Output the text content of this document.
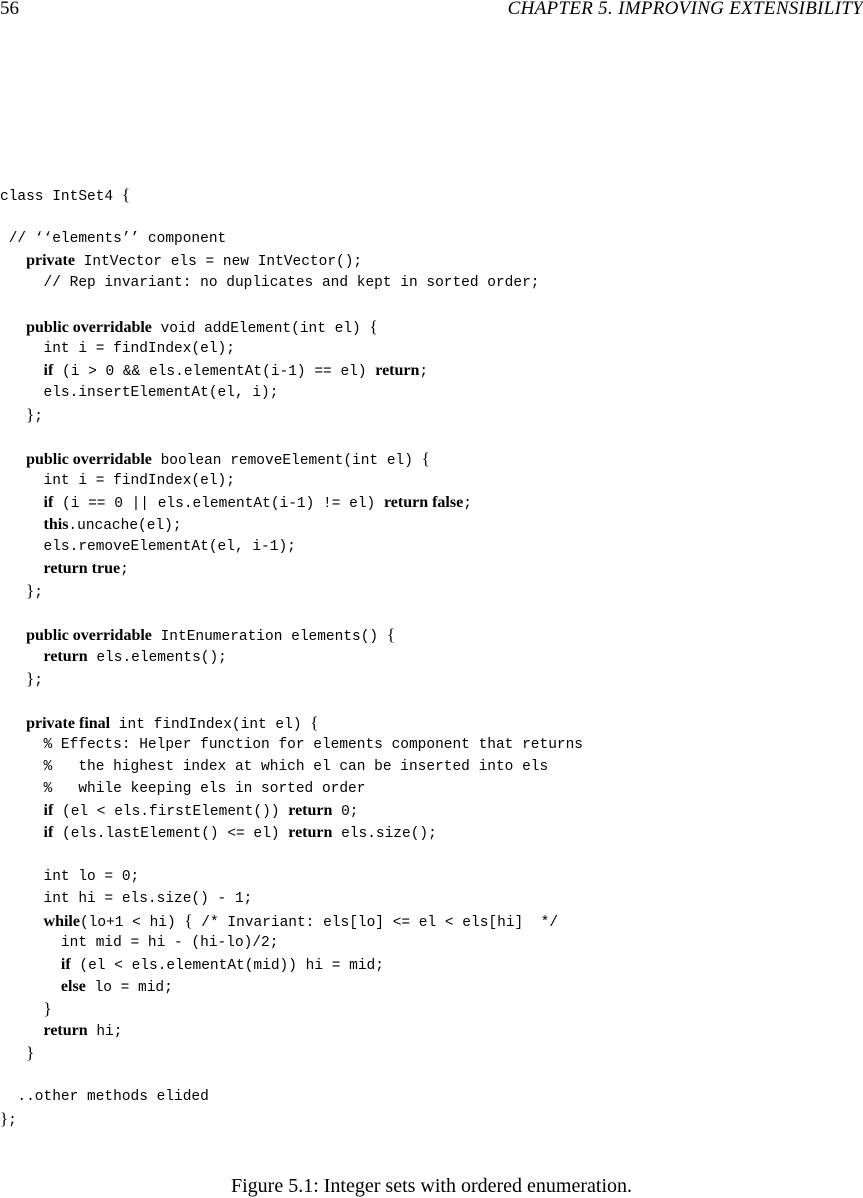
56	CHAPTER 5. IMPROVING EXTENSIBILITY
class IntSet4 {
// ‘‘elements’’ component
private IntVector els = new IntVector();
// Rep invariant: no duplicates and kept in sorted order;
public overridable void addElement(int el) {
int i = findIndex(el);
if (i > 0 && els.elementAt(i-1) == el) return;
els.insertElementAt(el, i);
};
public overridable boolean removeElement(int el) {
int i = findIndex(el);
if (i == 0 || els.elementAt(i-1) != el) return false;
this.uncache(el);
els.removeElementAt(el, i-1);
return true;
};
public overridable IntEnumeration elements() {
return els.elements();
};
private final int findIndex(int el) {
% Effects: Helper function for elements component that returns
%   the highest index at which el can be inserted into els
%   while keeping els in sorted order
if (el < els.firstElement()) return 0;
if (els.lastElement() <= el) return els.size();
int lo = 0;
int hi = els.size() - 1;
while(lo+1 < hi) { /* Invariant: els[lo] <= el < els[hi]  */
int mid = hi - (hi-lo)/2;
if (el < els.elementAt(mid)) hi = mid;
else lo = mid;
}
return hi;
}
..other methods elided
};
Figure 5.1: Integer sets with ordered enumeration.
